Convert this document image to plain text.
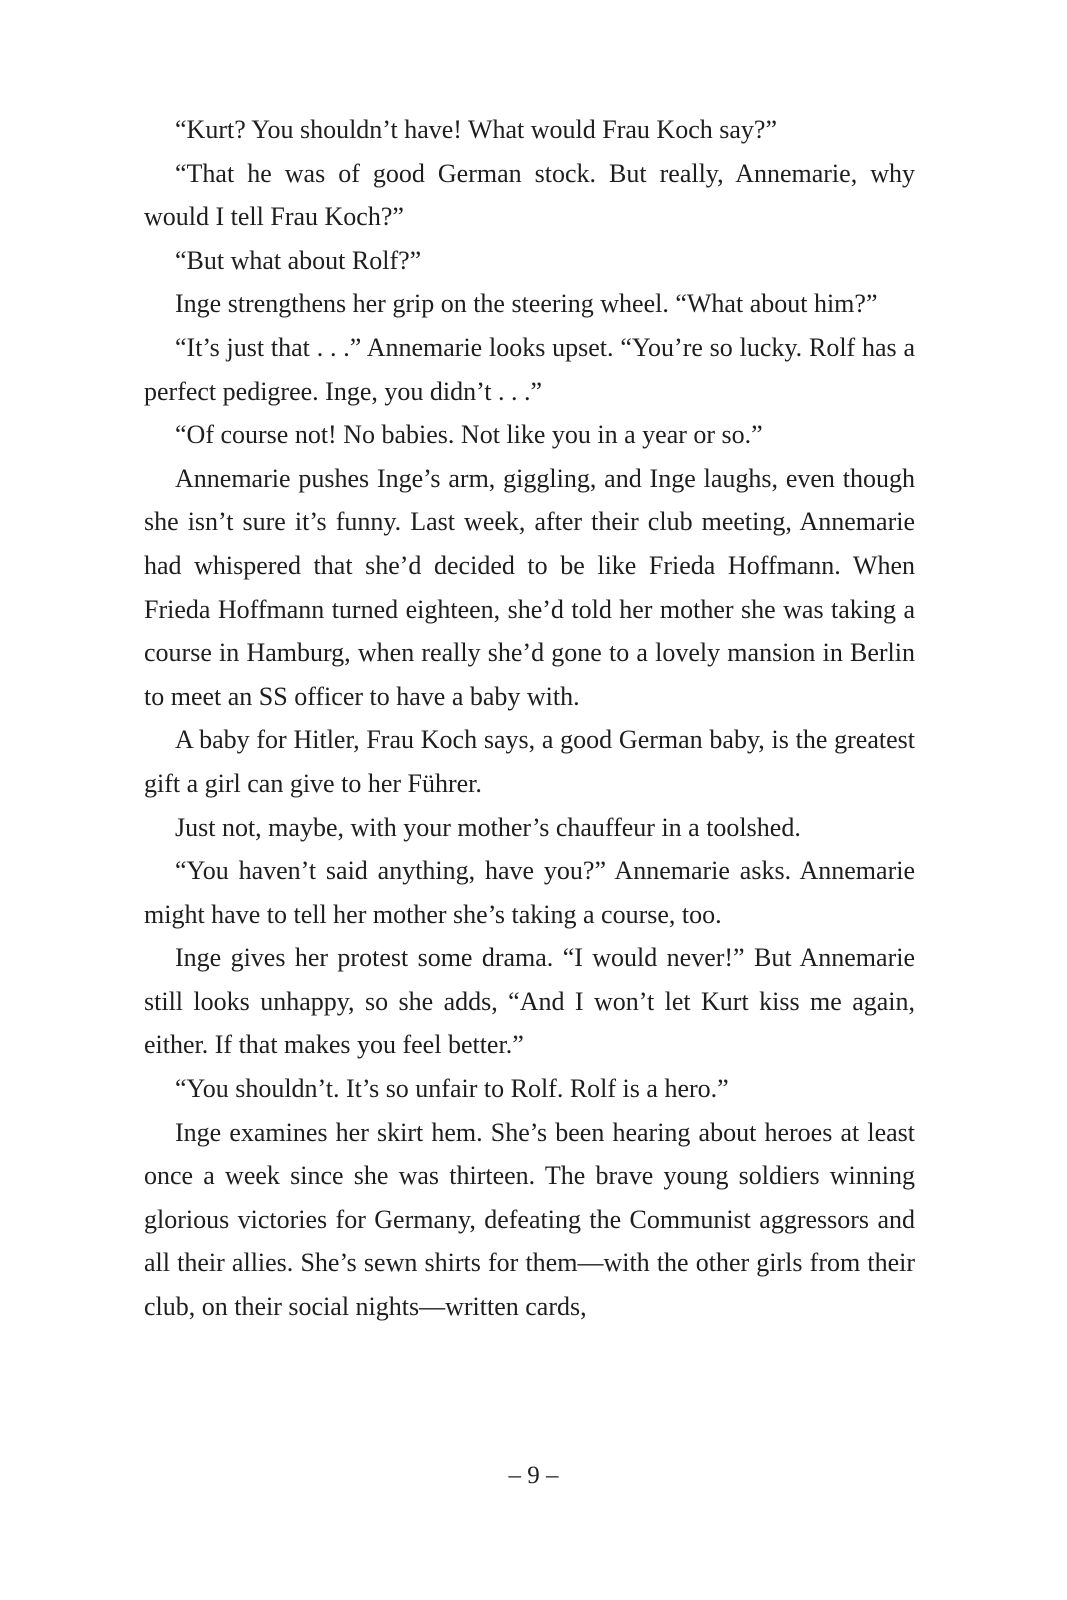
“Kurt? You shouldn’t have! What would Frau Koch say?”

“That he was of good German stock. But really, Annemarie, why would I tell Frau Koch?”

“But what about Rolf?”

Inge strengthens her grip on the steering wheel. “What about him?”

“It’s just that . . .” Annemarie looks upset. “You’re so lucky. Rolf has a perfect pedigree. Inge, you didn’t . . .”

“Of course not! No babies. Not like you in a year or so.”

Annemarie pushes Inge’s arm, giggling, and Inge laughs, even though she isn’t sure it’s funny. Last week, after their club meeting, Annemarie had whispered that she’d decided to be like Frieda Hoffmann. When Frieda Hoffmann turned eighteen, she’d told her mother she was taking a course in Hamburg, when really she’d gone to a lovely mansion in Berlin to meet an SS officer to have a baby with.

A baby for Hitler, Frau Koch says, a good German baby, is the greatest gift a girl can give to her Führer.

Just not, maybe, with your mother’s chauffeur in a toolshed.

“You haven’t said anything, have you?” Annemarie asks. Annemarie might have to tell her mother she’s taking a course, too.

Inge gives her protest some drama. “I would never!” But Annemarie still looks unhappy, so she adds, “And I won’t let Kurt kiss me again, either. If that makes you feel better.”

“You shouldn’t. It’s so unfair to Rolf. Rolf is a hero.”

Inge examines her skirt hem. She’s been hearing about heroes at least once a week since she was thirteen. The brave young soldiers winning glorious victories for Germany, defeating the Communist aggressors and all their allies. She’s sewn shirts for them—with the other girls from their club, on their social nights—written cards,

– 9 –
